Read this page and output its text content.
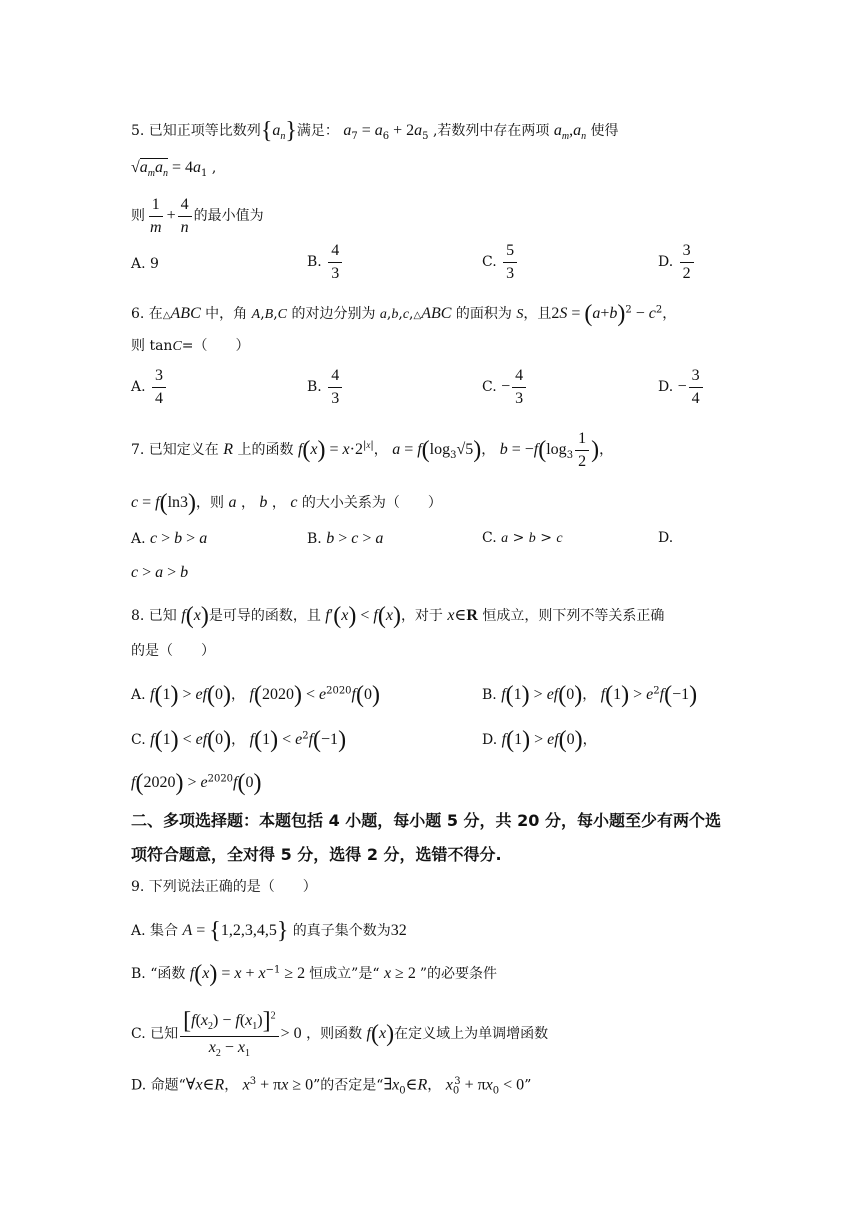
5. 已知正项等比数列$\{a_n\}$满足： $a_7 = a_6 + 2a_5$ ,若数列中存在两项 $a_m,a_n$ 使得
$√a_ma_n = 4a_1$ ,
则 $\frac{1}{m} + \frac{4}{n}$ 的最小值为
A. 9	B. $\frac{4}{3}$	C. $\frac{5}{3}$	D. $\frac{3}{2}$
6. 在△ABC 中，角 A,B,C 的对边分别为 a,b,c,△ABC 的面积为 S，且$2S = (a+b)^2 - c^2$，
则 tanC=（　　）
A. $\frac{3}{4}$	B. $\frac{4}{3}$	C. − $\frac{4}{3}$	D. − $\frac{3}{4}$
7. 已知定义在 R 上的函数 $f(x) = x\cdot 2^{|x|}$， $a = f(\log_3√5)$， $b = -f(\log_3 \frac{1}{2}$ )，
c = f(ln3)，则 a ， b ， c 的大小关系为（　　）
A. c > b > a	B. b > c > a	C. a > b > c	D.
c > a > b
8. 已知 f(x)是可导的函数，且 f′(x) < f(x)，对于 x∈R 恒成立，则下列不等关系正确
的是（　　）
A. f(1) > ef(0)， $f(2020) < e^{2020}f(0)$	B. f(1) > ef(0)， $f(1) > e^2f(-1)$
C. f(1) < ef(0)， $f(1) < e^2f(-1)$	D. f(1) > ef(0)，
$f(2020) > e^{2020}f(0)$
二、多项选择题：本题包括 4 小题，每小题 5 分，共 20 分，每小题至少有两个选
项符合题意，全对得 5 分，选得 2 分，选错不得分.
9. 下列说法正确的是（　　）
A. 集合 A = {1,2,3,4,5} 的真子集个数为32
B. “函数 $f(x) = x + x^{-1} \ge 2$ 恒成立”是“ x ≥ 2 ”的必要条件
C. 已知 $\frac{[f(x_2) - f(x_1)]^2}{x_2 - x_1} > 0$ ，则函数 f(x)在定义域上为单调增函数
D. 命题“∀x∈R， $x^3 + \pi x \ge 0$”的否定是“$\exists x_0\in R$， $x_0^3 + \pi x_0 < 0$”
